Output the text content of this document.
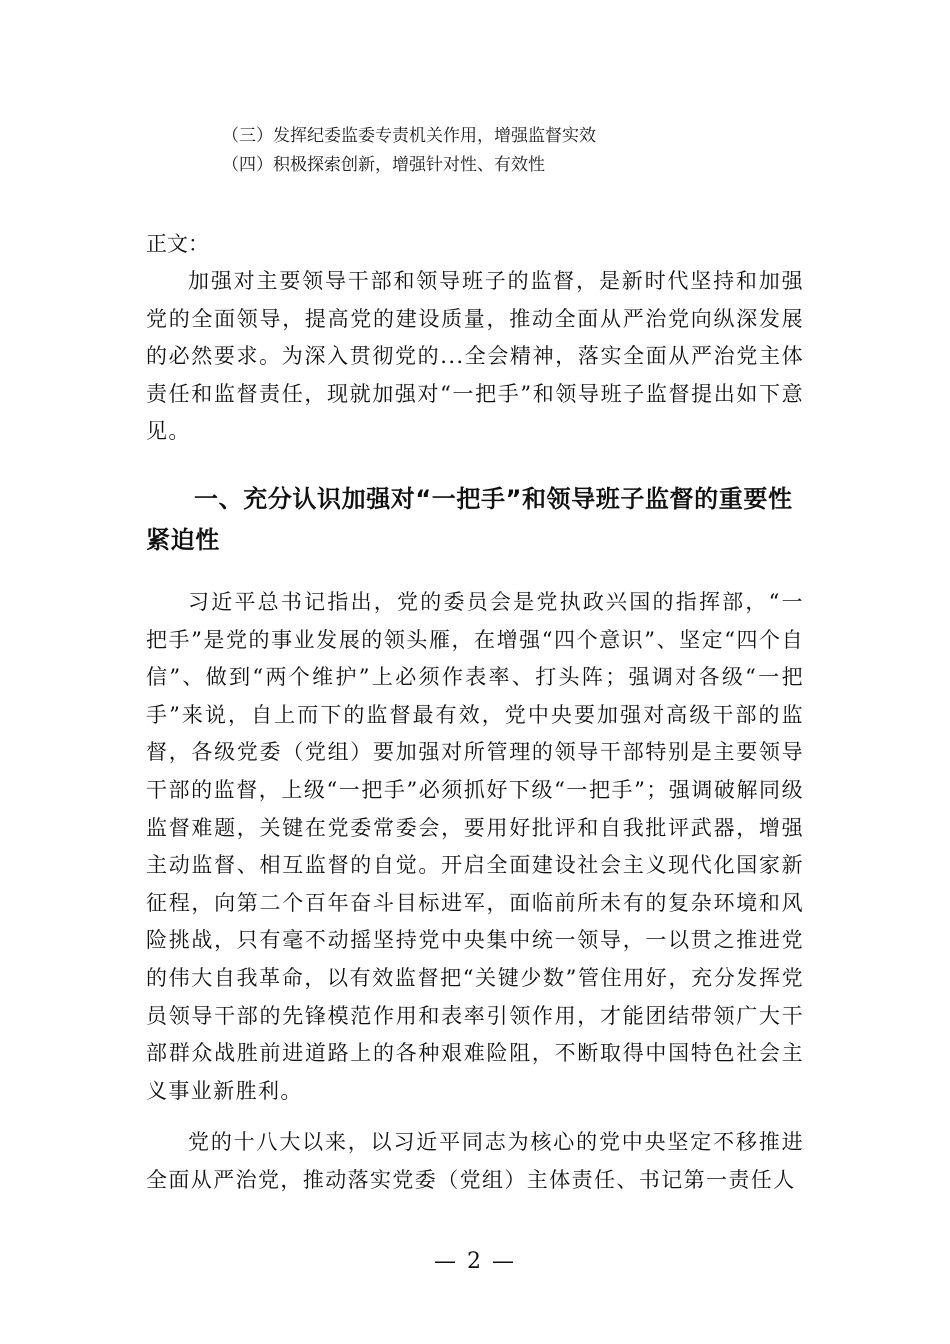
（三）发挥纪委监委专责机关作用，增强监督实效
（四）积极探索创新，增强针对性、有效性
正文：

加强对主要领导干部和领导班子的监督，是新时代坚持和加强党的全面领导，提高党的建设质量，推动全面从严治党向纵深发展的必然要求。为深入贯彻党的...全会精神，落实全面从严治党主体责任和监督责任，现就加强对“一把手”和领导班子监督提出如下意见。

一、充分认识加强对“一把手”和领导班子监督的重要性紧迫性

习近平总书记指出，党的委员会是党执政兴国的指挥部，“一把手”是党的事业发展的领头雁，在增强“四个意识”、坚定“四个自信”、做到“两个维护”上必须作表率、打头阵；强调对各级“一把手”来说，自上而下的监督最有效，党中央要加强对高级干部的监督，各级党委（党组）要加强对所管理的领导干部特别是主要领导干部的监督，上级“一把手”必须抓好下级“一把手”；强调破解同级监督难题，关键在党委常委会，要用好批评和自我批评武器，增强主动监督、相互监督的自觉。开启全面建设社会主义现代化国家新征程，向第二个百年奋斗目标进军，面临前所未有的复杂环境和风险挑战，只有毫不动摇坚持党中央集中统一领导，一以贯之推进党的伟大自我革命，以有效监督把“关键少数”管住用好，充分发挥党员领导干部的先锋模范作用和表率引领作用，才能团结带领广大干部群众战胜前进道路上的各种艰难险阻，不断取得中国特色社会主义事业新胜利。

党的十八大以来，以习近平同志为核心的党中央坚定不移推进全面从严治党，推动落实党委（党组）主体责任、书记第一责任人

— 2 —
